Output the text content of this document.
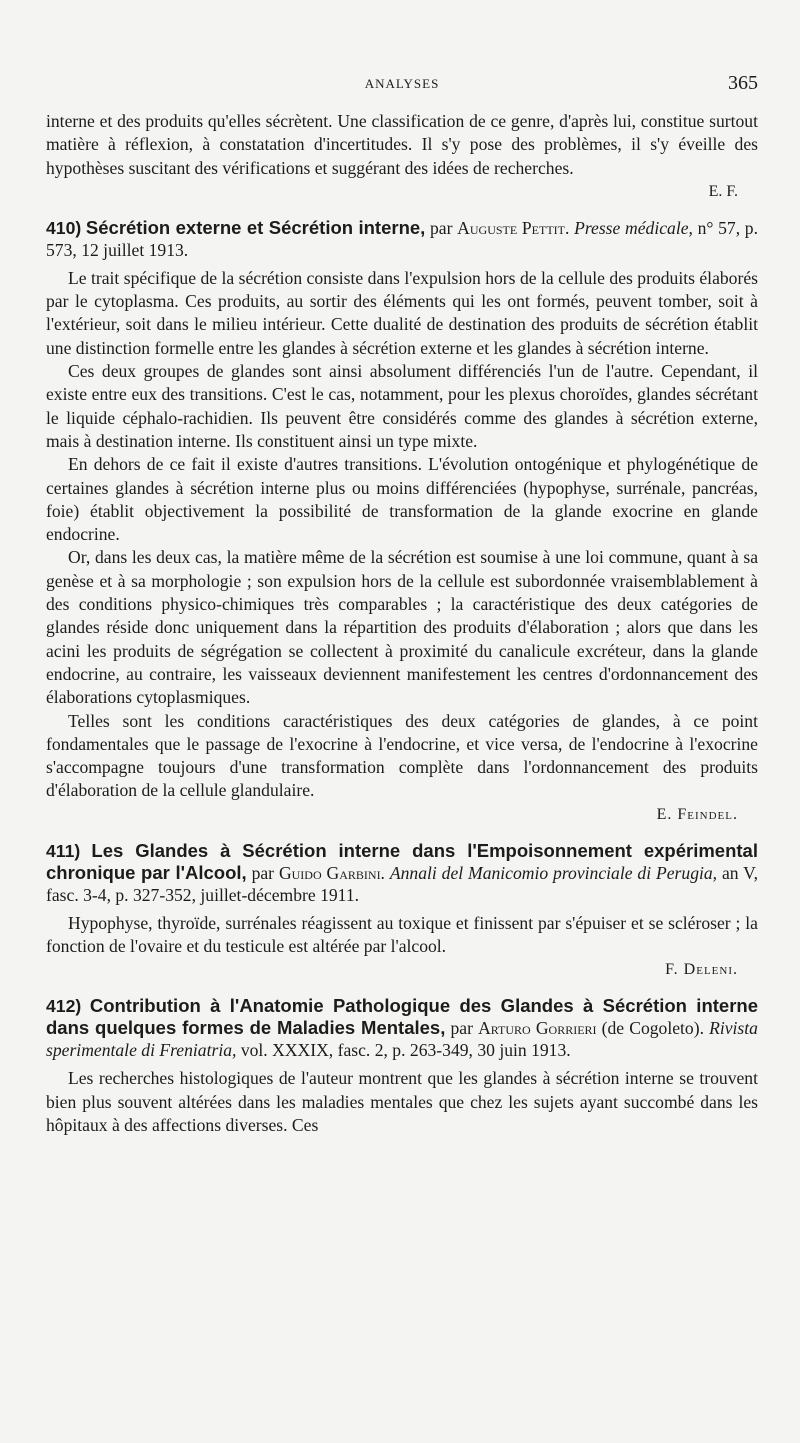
ANALYSES	365

interne et des produits qu'elles sécrètent. Une classification de ce genre, d'après lui, constitue surtout matière à réflexion, à constatation d'incertitudes. Il s'y pose des problèmes, il s'y éveille des hypothèses suscitant des vérifications et suggérant des idées de recherches.

E. F.
410) Sécrétion externe et Sécrétion interne, par Auguste Pettit. Presse médicale, n° 57, p. 573, 12 juillet 1913.

Le trait spécifique de la sécrétion consiste dans l'expulsion hors de la cellule des produits élaborés par le cytoplasma. Ces produits, au sortir des éléments qui les ont formés, peuvent tomber, soit à l'extérieur, soit dans le milieu intérieur. Cette dualité de destination des produits de sécrétion établit une distinction formelle entre les glandes à sécrétion externe et les glandes à sécrétion interne.

Ces deux groupes de glandes sont ainsi absolument différenciés l'un de l'autre. Cependant, il existe entre eux des transitions. C'est le cas, notamment, pour les plexus choroïdes, glandes sécrétant le liquide céphalo-rachidien. Ils peuvent être considérés comme des glandes à sécrétion externe, mais à destination interne. Ils constituent ainsi un type mixte.

En dehors de ce fait il existe d'autres transitions. L'évolution ontogénique et phylogénétique de certaines glandes à sécrétion interne plus ou moins différenciées (hypophyse, surrénale, pancréas, foie) établit objectivement la possibilité de transformation de la glande exocrine en glande endocrine.

Or, dans les deux cas, la matière même de la sécrétion est soumise à une loi commune, quant à sa genèse et à sa morphologie ; son expulsion hors de la cellule est subordonnée vraisemblablement à des conditions physico-chimiques très comparables ; la caractéristique des deux catégories de glandes réside donc uniquement dans la répartition des produits d'élaboration ; alors que dans les acini les produits de ségrégation se collectent à proximité du canalicule excréteur, dans la glande endocrine, au contraire, les vaisseaux deviennent manifestement les centres d'ordonnancement des élaborations cytoplasmiques.

Telles sont les conditions caractéristiques des deux catégories de glandes, à ce point fondamentales que le passage de l'exocrine à l'endocrine, et vice versa, de l'endocrine à l'exocrine s'accompagne toujours d'une transformation complète dans l'ordonnancement des produits d'élaboration de la cellule glandulaire.

E. Feindel.
411) Les Glandes à Sécrétion interne dans l'Empoisonnement expérimental chronique par l'Alcool, par Guido Garbini. Annali del Manicomio provinciale di Perugia, an V, fasc. 3-4, p. 327-352, juillet-décembre 1911.

Hypophyse, thyroïde, surrénales réagissent au toxique et finissent par s'épuiser et se scléroser ; la fonction de l'ovaire et du testicule est altérée par l'alcool.

F. Deleni.
412) Contribution à l'Anatomie Pathologique des Glandes à Sécrétion interne dans quelques formes de Maladies Mentales, par Arturo Gorrieri (de Cogoleto). Rivista sperimentale di Freniatria, vol. XXXIX, fasc. 2, p. 263-349, 30 juin 1913.

Les recherches histologiques de l'auteur montrent que les glandes à sécrétion interne se trouvent bien plus souvent altérées dans les maladies mentales que chez les sujets ayant succombé dans les hôpitaux à des affections diverses. Ces
